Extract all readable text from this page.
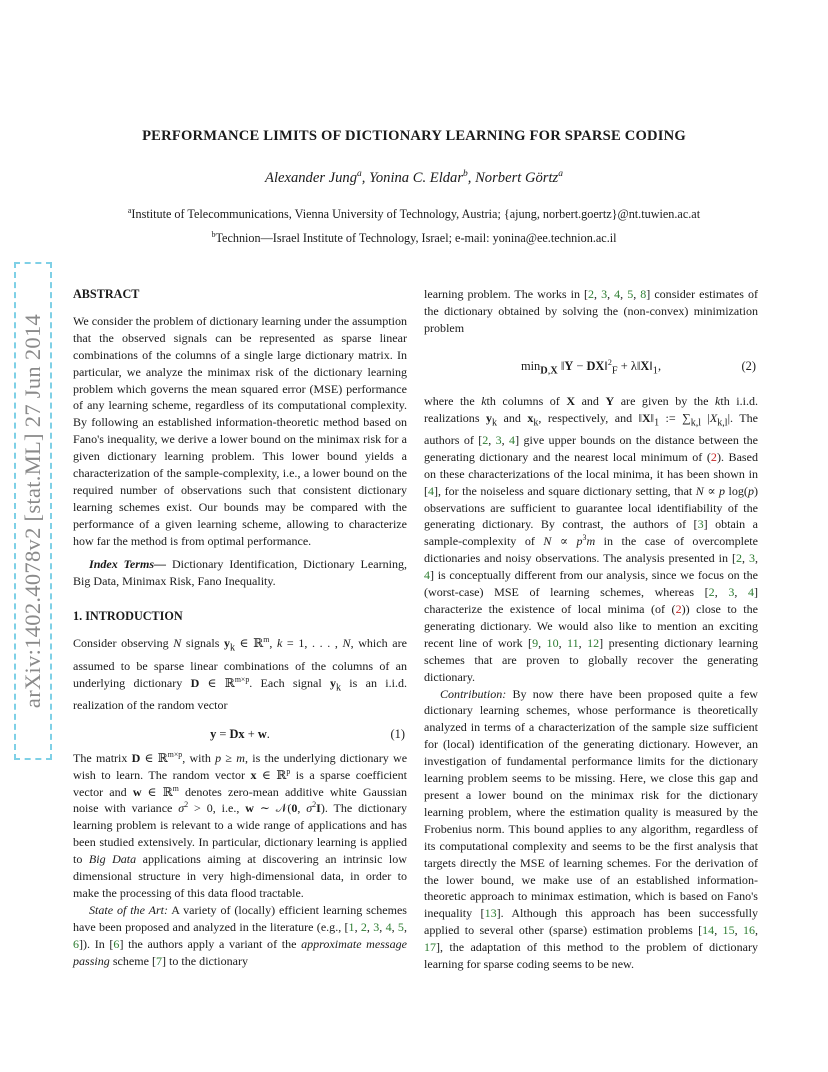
arXiv:1402.4078v2 [stat.ML] 27 Jun 2014
PERFORMANCE LIMITS OF DICTIONARY LEARNING FOR SPARSE CODING
Alexander Jung$^a$, Yonina C. Eldar$^b$, Norbert Görtz$^a$
$^a$Institute of Telecommunications, Vienna University of Technology, Austria; {ajung, norbert.goertz}@nt.tuwien.ac.at
$^b$Technion—Israel Institute of Technology, Israel; e-mail: yonina@ee.technion.ac.il

ABSTRACT

We consider the problem of dictionary learning under the assumption that the observed signals can be represented as sparse linear combinations of the columns of a single large dictionary matrix. In particular, we analyze the minimax risk of the dictionary learning problem which governs the mean squared error (MSE) performance of any learning scheme, regardless of its computational complexity. By following an established information-theoretic method based on Fano's inequality, we derive a lower bound on the minimax risk for a given dictionary learning problem. This lower bound yields a characterization of the sample-complexity, i.e., a lower bound on the required number of observations such that consistent dictionary learning schemes exist. Our bounds may be compared with the performance of a given learning scheme, allowing to characterize how far the method is from optimal performance.

Index Terms— Dictionary Identification, Dictionary Learning, Big Data, Minimax Risk, Fano Inequality.

1. INTRODUCTION

Consider observing N signals $y_k$ ∈ ℝ$^m$, k = 1, . . . , N, which are assumed to be sparse linear combinations of the columns of an underlying dictionary D ∈ ℝ$^{m\times p}$. Each signal $y_k$ is an i.i.d. realization of the random vector

y = Dx + w.	(1)

The matrix D ∈ ℝ$^{m\times p}$, with p ≥ m, is the underlying dictionary we wish to learn. The random vector x ∈ ℝ$^p$ is a sparse coefficient vector and w ∈ ℝ$^m$ denotes zero-mean additive white Gaussian noise with variance $\sigma^2 > 0$, i.e., w ∼ 𝒩(0, $\sigma^2I$). The dictionary learning problem is relevant to a wide range of applications and has been studied extensively. In particular, dictionary learning is applied to Big Data applications aiming at discovering an intrinsic low dimensional structure in very high-dimensional data, in order to make the processing of this data flood tractable.

State of the Art: A variety of (locally) efficient learning schemes have been proposed and analyzed in the literature (e.g., [1, 2, 3, 4, 5, 6]). In [6] the authors apply a variant of the approximate message passing scheme [7] to the dictionary

learning problem. The works in [2, 3, 4, 5, 8] consider estimates of the dictionary obtained by solving the (non-convex) minimization problem

$\min_{D,X}$ ‖Y − DX‖$^2_F$ + $\lambda‖X‖_1$,	(2)

where the kth columns of X and Y are given by the kth i.i.d. realizations $y_k$ and $x_k$, respectively, and $‖X‖_1$ := $\sum_{k,l}$ $|X_{k,l}|$. The authors of [2, 3, 4] give upper bounds on the distance between the generating dictionary and the nearest local minimum of (2). Based on these characterizations of the local minima, it has been shown in [4], for the noiseless and square dictionary setting, that N ∝ p log(p) observations are sufficient to guarantee local identifiability of the generating dictionary. By contrast, the authors of [3] obtain a sample-complexity of $N \propto p^3m$ in the case of overcomplete dictionaries and noisy observations. The analysis presented in [2, 3, 4] is conceptually different from our analysis, since we focus on the (worst-case) MSE of learning schemes, whereas [2, 3, 4] characterize the existence of local minima (of (2)) close to the generating dictionary. We would also like to mention an exciting recent line of work [9, 10, 11, 12] presenting dictionary learning schemes that are proven to globally recover the generating dictionary.

Contribution: By now there have been proposed quite a few dictionary learning schemes, whose performance is theoretically analyzed in terms of a characterization of the sample size sufficient for (local) identification of the generating dictionary. However, an investigation of fundamental performance limits for the dictionary learning problem seems to be missing. Here, we close this gap and present a lower bound on the minimax risk for the dictionary learning problem, where the estimation quality is measured by the Frobenius norm. This bound applies to any algorithm, regardless of its computational complexity and seems to be the first analysis that targets directly the MSE of learning schemes. For the derivation of the lower bound, we make use of an established information-theoretic approach to minimax estimation, which is based on Fano's inequality [13]. Although this approach has been successfully applied to several other (sparse) estimation problems [14, 15, 16, 17], the adaptation of this method to the problem of dictionary learning for sparse coding seems to be new.
